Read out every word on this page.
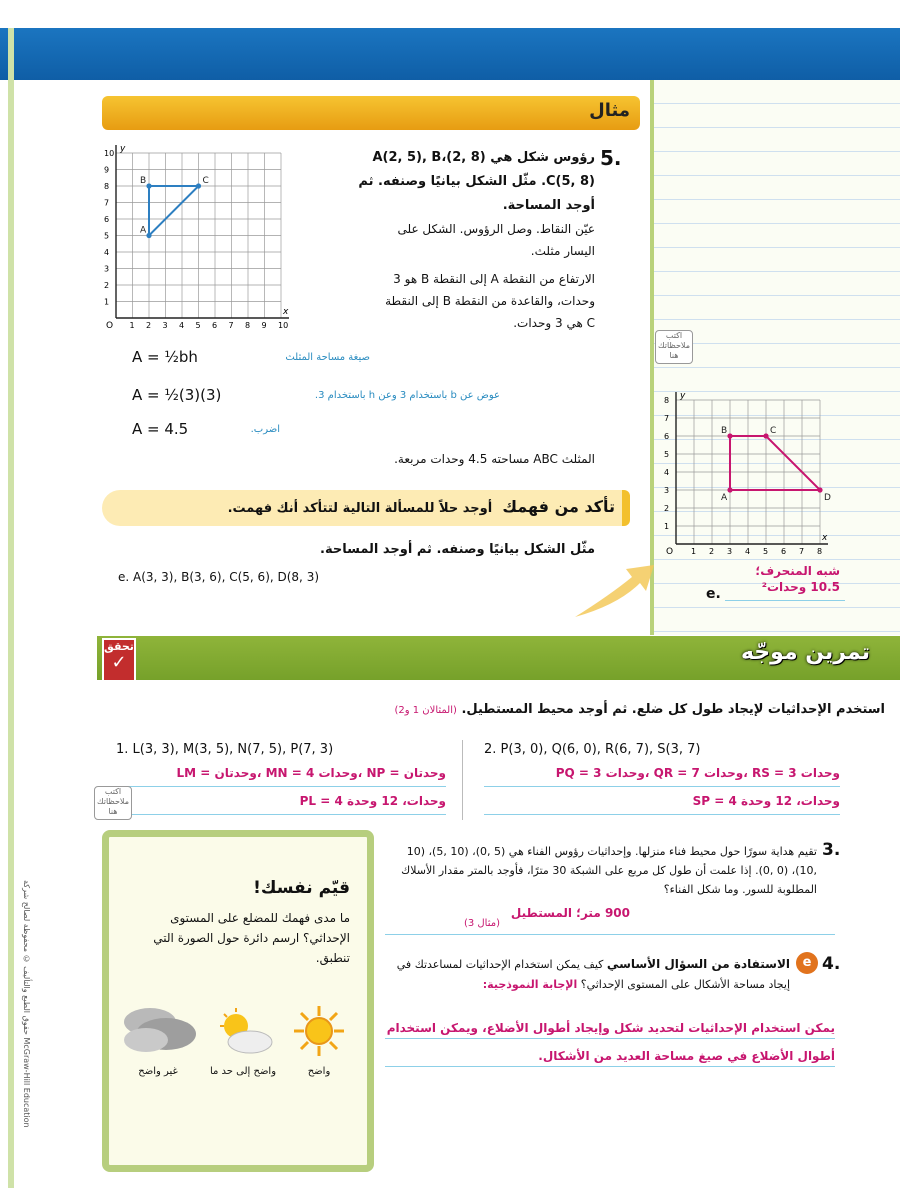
مثال
5.
رؤوس شكل هي (8 ,2)A(2, 5), B، C(5, 8). مثّل الشكل بيانيًا وصنفه. ثم أوجد المساحة.
عيّن النقاط. وصل الرؤوس. الشكل على اليسار مثلث.
الارتفاع من النقطة A إلى النقطة B هو 3 وحدات، والقاعدة من النقطة B إلى النقطة C هي 3 وحدات.
x
y
O 1 2 3 4 5 6 7 8 9 10
1
2
3
4
5
6
7
8
9
10
A
B	C
A = ½bh	صيغة مساحة المثلث
A = ½(3)(3)	عوض عن b باستخدام 3 وعن h باستخدام 3.
A = 4.5	اضرب.
المثلث ABC مساحته 4.5 وحدات مربعة.
تأكد من فهمك أوجد حلاً للمسألة التالية لتتأكد أنك فهمت.
مثّل الشكل بيانيًا وصنفه. ثم أوجد المساحة.
e. A(3, 3), B(3, 6), C(5, 6), D(8, 3)
اكتب ملاحظاتك هنا
x
y
O 1 2 3 4 5 6 7 8
1
2
3
4
5
6
7
8
A
B	C
D
شبه المنحرف؛
10.5 وحدات²
e.
تحقق
✓	تمرين موجّه
استخدم الإحداثيات لإيجاد طول كل ضلع. ثم أوجد محيط المستطيل. (المثالان 1 و2)
1. L(3, 3), M(3, 5), N(7, 5), P(7, 3)
LM = وحدتان، MN = 4 وحدات، NP = وحدتان
PL = 4 وحدات، 12 وحدة
اكتب ملاحظاتك هنا
2. P(3, 0), Q(6, 0), R(6, 7), S(3, 7)
PQ = 3 وحدات، QR = 7 وحدات، RS = 3 وحدات
SP = 4 وحدات، 12 وحدة
3.
تقيم هداية سورًا حول محيط فناء منزلها. وإحداثيات رؤوس الفناء هي (5 ,0)، (10 ,5)، (10 ,10)، (0 ,0). إذا علمت أن طول كل مربع على الشبكة 30 مترًا، فأوجد بالمتر مقدار الأسلاك المطلوبة للسور. وما شكل الفناء؟
(مثال 3)
900 متر؛ المستطيل
4.
e
الاستفادة من السؤال الأساسي كيف يمكن استخدام الإحداثيات لمساعدتك في إيجاد مساحة الأشكال على المستوى الإحداثي؟ الإجابة النموذجية:
يمكن استخدام الإحداثيات لتحديد شكل وإيجاد أطوال الأضلاع، ويمكن استخدام أطوال الأضلاع في صيغ مساحة العديد من الأشكال.
قيّم نفسك!
ما مدى فهمك للمضلع على المستوى الإحداثي؟ ارسم دائرة حول الصورة التي تنطبق.
واضح
واضح إلى حد ما
غير واضح
حقوق الطبع والتأليف © محفوظة لصالح شركة McGraw-Hill Education
